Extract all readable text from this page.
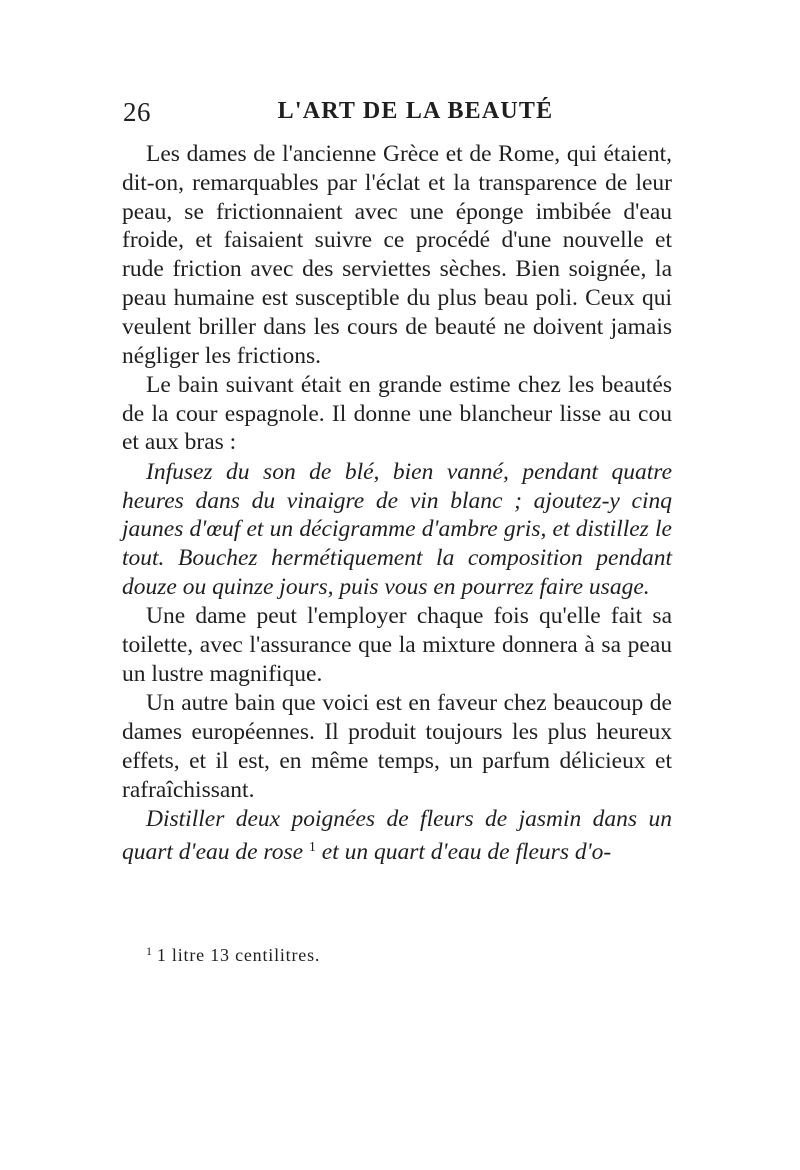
26	L'ART DE LA BEAUTÉ

Les dames de l'ancienne Grèce et de Rome, qui étaient, dit-on, remarquables par l'éclat et la transparence de leur peau, se frictionnaient avec une éponge imbibée d'eau froide, et faisaient suivre ce procédé d'une nouvelle et rude friction avec des serviettes sèches. Bien soignée, la peau humaine est susceptible du plus beau poli. Ceux qui veulent briller dans les cours de beauté ne doivent jamais négliger les frictions.

Le bain suivant était en grande estime chez les beautés de la cour espagnole. Il donne une blancheur lisse au cou et aux bras :

Infusez du son de blé, bien vanné, pendant quatre heures dans du vinaigre de vin blanc ; ajoutez-y cinq jaunes d'œuf et un décigramme d'ambre gris, et distillez le tout. Bouchez hermétiquement la composition pendant douze ou quinze jours, puis vous en pourrez faire usage.

Une dame peut l'employer chaque fois qu'elle fait sa toilette, avec l'assurance que la mixture donnera à sa peau un lustre magnifique.

Un autre bain que voici est en faveur chez beaucoup de dames européennes. Il produit toujours les plus heureux effets, et il est, en même temps, un parfum délicieux et rafraîchissant.

Distiller deux poignées de fleurs de jasmin dans un quart d'eau de rose $^1$ et un quart d'eau de fleurs d'o-

$^1$ 1 litre 13 centilitres.
